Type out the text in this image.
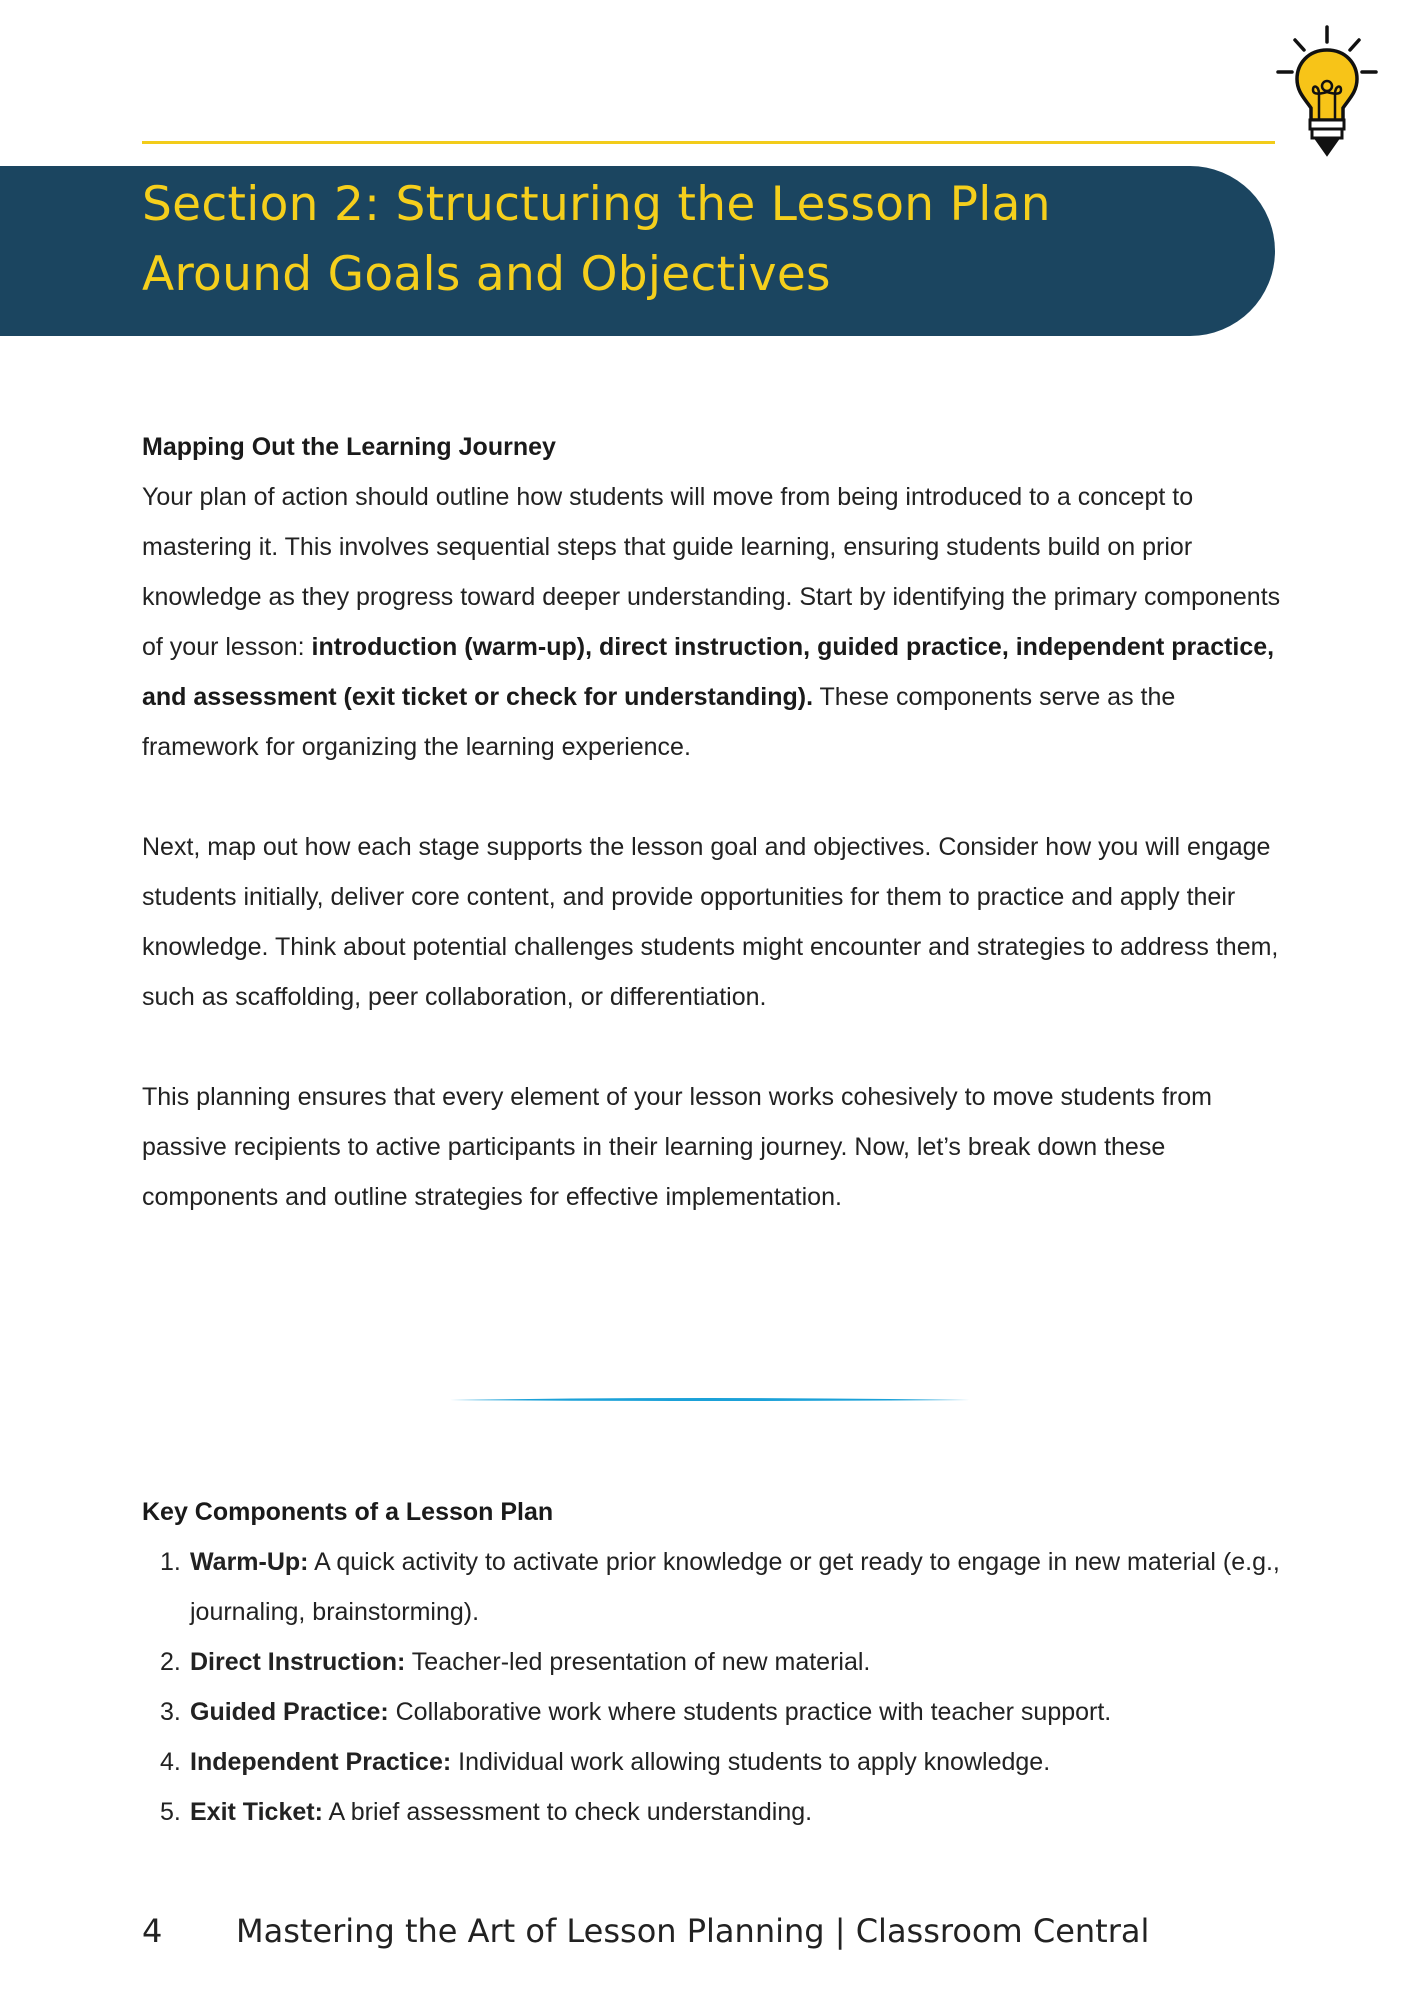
Section 2: Structuring the Lesson Plan
Around Goals and Objectives
Mapping Out the Learning Journey

Your plan of action should outline how students will move from being introduced to a concept to mastering it. This involves sequential steps that guide learning, ensuring students build on prior knowledge as they progress toward deeper understanding. Start by identifying the primary components of your lesson: introduction (warm-up), direct instruction, guided practice, independent practice, and assessment (exit ticket or check for understanding). These components serve as the framework for organizing the learning experience.

Next, map out how each stage supports the lesson goal and objectives. Consider how you will engage students initially, deliver core content, and provide opportunities for them to practice and apply their knowledge. Think about potential challenges students might encounter and strategies to address them, such as scaffolding, peer collaboration, or differentiation.

This planning ensures that every element of your lesson works cohesively to move students from passive recipients to active participants in their learning journey. Now, let’s break down these components and outline strategies for effective implementation.

Key Components of a Lesson Plan
1. Warm-Up: A quick activity to activate prior knowledge or get ready to engage in new material (e.g., journaling, brainstorming).
2. Direct Instruction: Teacher-led presentation of new material.
3. Guided Practice: Collaborative work where students practice with teacher support.
4. Independent Practice: Individual work allowing students to apply knowledge.
5. Exit Ticket: A brief assessment to check understanding.
4 Mastering the Art of Lesson Planning | Classroom Central
